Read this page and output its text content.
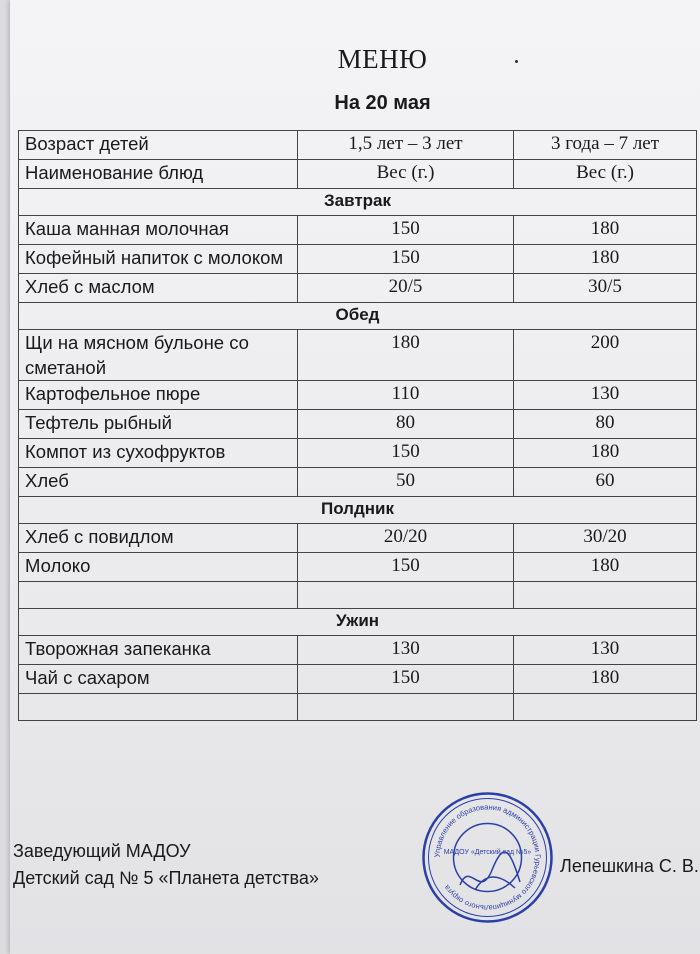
МЕНЮ
На 20 мая
Возраст детей	1,5 лет – 3 лет	3 года – 7 лет
Наименование блюд	Вес (г.)	Вес (г.)
Завтрак		
Каша манная молочная	150	180
Кофейный напиток с молоком	150	180
Хлеб с маслом	20/5	30/5
Обед		
Щи на мясном бульоне со сметаной	180	200
Картофельное пюре	110	130
Тефтель рыбный	80	80
Компот из сухофруктов	150	180
Хлеб	50	60
Полдник		
Хлеб с повидлом	20/20	30/20
Молоко	150	180

Ужин		
Творожная запеканка	130	130
Чай с сахаром	150	180

Заведующий МАДОУ
Детский сад № 5 «Планета детства»
Лепешкина С. В.
Управление образования администрации Гурьевского муниципального округа
МАДОУ «Детский сад №5»
